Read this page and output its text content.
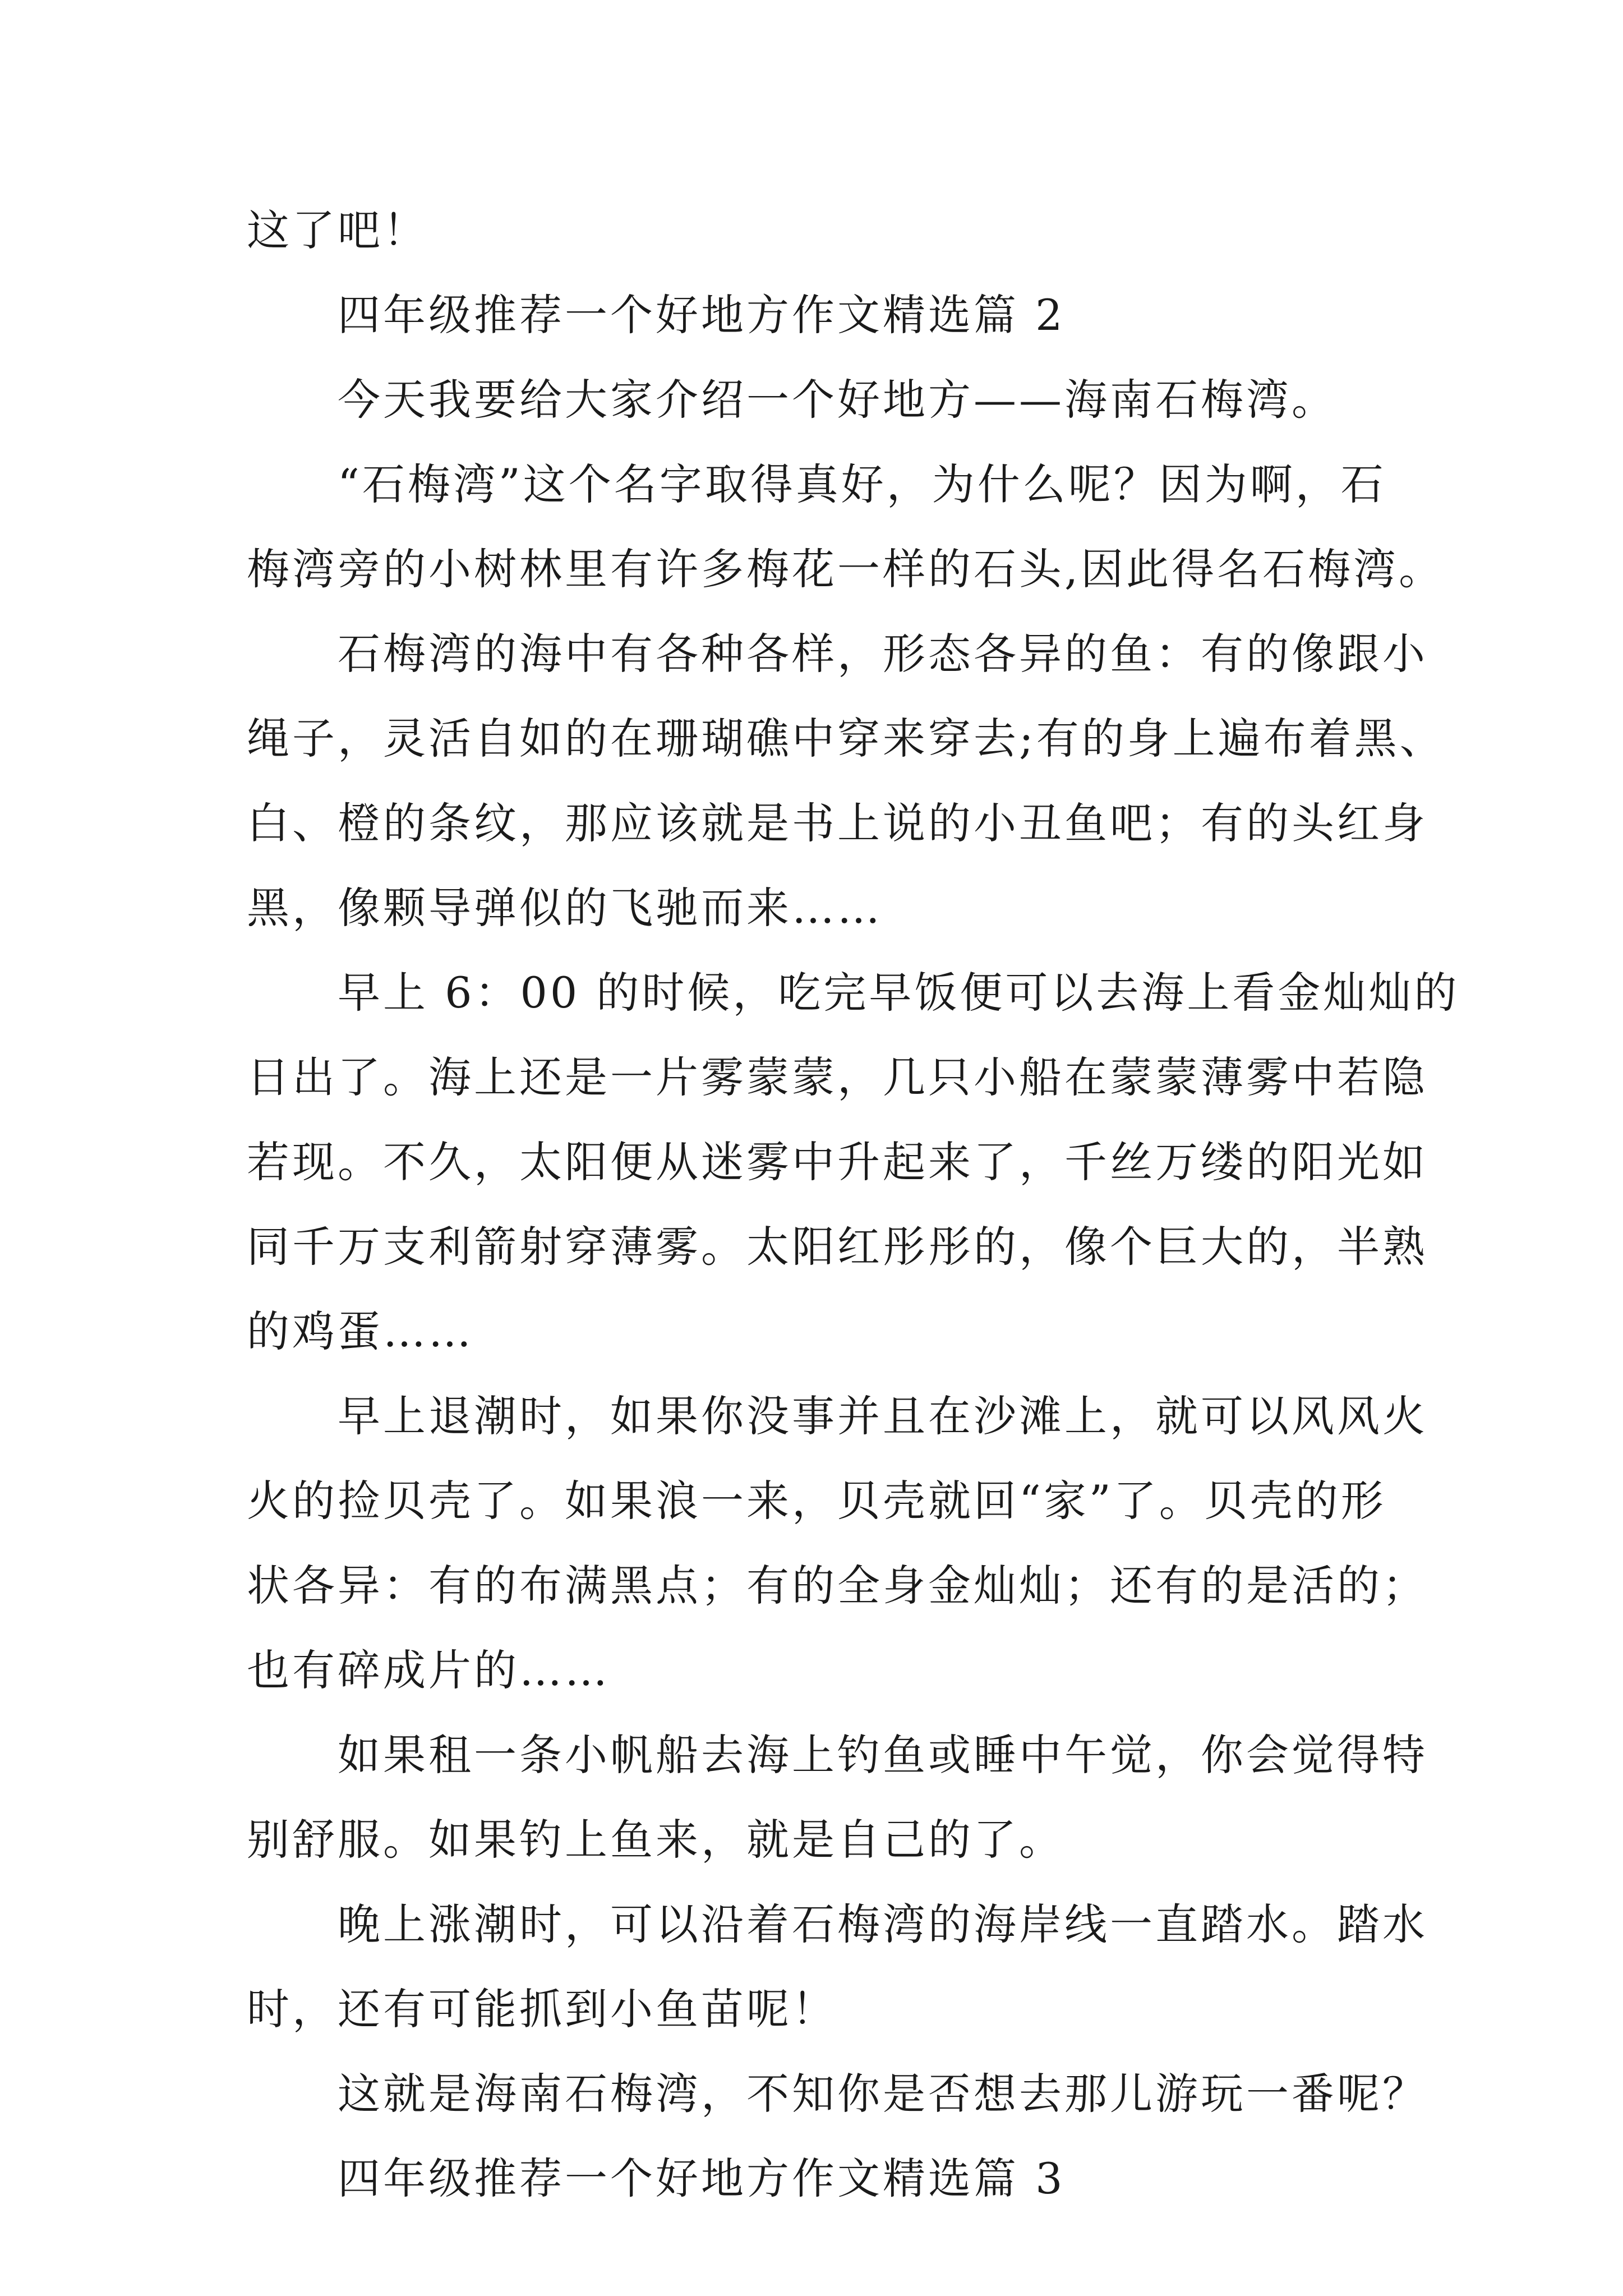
这了吧！
四年级推荐一个好地方作文精选篇 2
今天我要给大家介绍一个好地方——海南石梅湾。
“石梅湾”这个名字取得真好，为什么呢？因为啊，石
梅湾旁的小树林里有许多梅花一样的石头,因此得名石梅湾。
石梅湾的海中有各种各样，形态各异的鱼：有的像跟小
绳子，灵活自如的在珊瑚礁中穿来穿去;有的身上遍布着黑、
白、橙的条纹，那应该就是书上说的小丑鱼吧；有的头红身
黑，像颗导弹似的飞驰而来……
早上 6：00 的时候，吃完早饭便可以去海上看金灿灿的
日出了。海上还是一片雾蒙蒙，几只小船在蒙蒙薄雾中若隐
若现。不久，太阳便从迷雾中升起来了，千丝万缕的阳光如
同千万支利箭射穿薄雾。太阳红彤彤的，像个巨大的，半熟
的鸡蛋……
早上退潮时，如果你没事并且在沙滩上，就可以风风火
火的捡贝壳了。如果浪一来，贝壳就回“家”了。贝壳的形
状各异：有的布满黑点；有的全身金灿灿；还有的是活的；
也有碎成片的……
如果租一条小帆船去海上钓鱼或睡中午觉，你会觉得特
别舒服。如果钓上鱼来，就是自己的了。
晚上涨潮时，可以沿着石梅湾的海岸线一直踏水。踏水
时，还有可能抓到小鱼苗呢！
这就是海南石梅湾，不知你是否想去那儿游玩一番呢？
四年级推荐一个好地方作文精选篇 3
